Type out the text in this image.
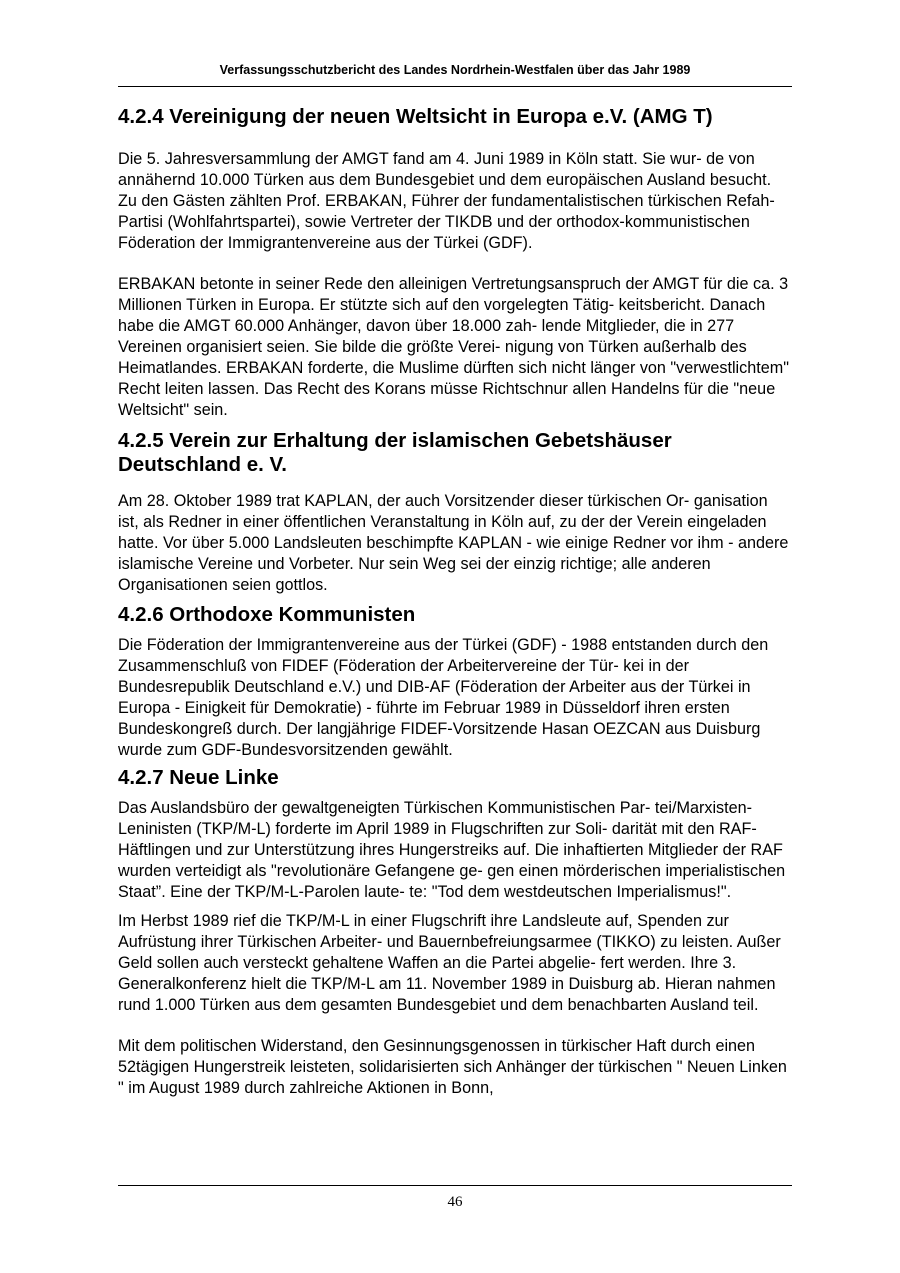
Verfassungsschutzbericht des Landes Nordrhein-Westfalen über das Jahr 1989
4.2.4 Vereinigung der neuen Weltsicht in Europa e.V. (AMG T)

Die 5. Jahresversammlung der AMGT fand am 4. Juni 1989 in Köln statt. Sie wur- de von annähernd 10.000 Türken aus dem Bundesgebiet und dem europäischen Ausland besucht. Zu den Gästen zählten Prof. ERBAKAN, Führer der fundamentalistischen türkischen Refah-Partisi (Wohlfahrtspartei), sowie Vertreter der TIKDB und der orthodox-kommunistischen Föderation der Immigrantenvereine aus der Türkei (GDF).

ERBAKAN betonte in seiner Rede den alleinigen Vertretungsanspruch der AMGT für die ca. 3 Millionen Türken in Europa. Er stützte sich auf den vorgelegten Tätig- keitsbericht. Danach habe die AMGT 60.000 Anhänger, davon über 18.000 zah- lende Mitglieder, die in 277 Vereinen organisiert seien. Sie bilde die größte Verei- nigung von Türken außerhalb des Heimatlandes. ERBAKAN forderte, die Muslime dürften sich nicht länger von "verwestlichtem" Recht leiten lassen. Das Recht des Korans müsse Richtschnur allen Handelns für die "neue Weltsicht" sein.

4.2.5 Verein zur Erhaltung der islamischen Gebetshäuser Deutschland e. V.

Am 28. Oktober 1989 trat KAPLAN, der auch Vorsitzender dieser türkischen Or- ganisation ist, als Redner in einer öffentlichen Veranstaltung in Köln auf, zu der der Verein eingeladen hatte. Vor über 5.000 Landsleuten beschimpfte KAPLAN - wie einige Redner vor ihm - andere islamische Vereine und Vorbeter. Nur sein Weg sei der einzig richtige; alle anderen Organisationen seien gottlos.

4.2.6 Orthodoxe Kommunisten

Die Föderation der Immigrantenvereine aus der Türkei (GDF) - 1988 entstanden durch den Zusammenschluß von FIDEF (Föderation der Arbeitervereine der Tür- kei in der Bundesrepublik Deutschland e.V.) und DIB-AF (Föderation der Arbeiter aus der Türkei in Europa - Einigkeit für Demokratie) - führte im Februar 1989 in Düsseldorf ihren ersten Bundeskongreß durch. Der langjährige FIDEF-Vorsitzende Hasan OEZCAN aus Duisburg wurde zum GDF-Bundesvorsitzenden gewählt.

4.2.7 Neue Linke

Das Auslandsbüro der gewaltgeneigten Türkischen Kommunistischen Par- tei/Marxisten-Leninisten (TKP/M-L) forderte im April 1989 in Flugschriften zur Soli- darität mit den RAF-Häftlingen und zur Unterstützung ihres Hungerstreiks auf. Die inhaftierten Mitglieder der RAF wurden verteidigt als "revolutionäre Gefangene ge- gen einen mörderischen imperialistischen Staat”. Eine der TKP/M-L-Parolen laute- te: "Tod dem westdeutschen Imperialismus!".

Im Herbst 1989 rief die TKP/M-L in einer Flugschrift ihre Landsleute auf, Spenden zur Aufrüstung ihrer Türkischen Arbeiter- und Bauernbefreiungsarmee (TIKKO) zu leisten. Außer Geld sollen auch versteckt gehaltene Waffen an die Partei abgelie- fert werden. Ihre 3. Generalkonferenz hielt die TKP/M-L am 11. November 1989 in Duisburg ab. Hieran nahmen rund 1.000 Türken aus dem gesamten Bundesgebiet und dem benachbarten Ausland teil.

Mit dem politischen Widerstand, den Gesinnungsgenossen in türkischer Haft durch einen 52tägigen Hungerstreik leisteten, solidarisierten sich Anhänger der türkischen " Neuen Linken " im August 1989 durch zahlreiche Aktionen in Bonn,

46
